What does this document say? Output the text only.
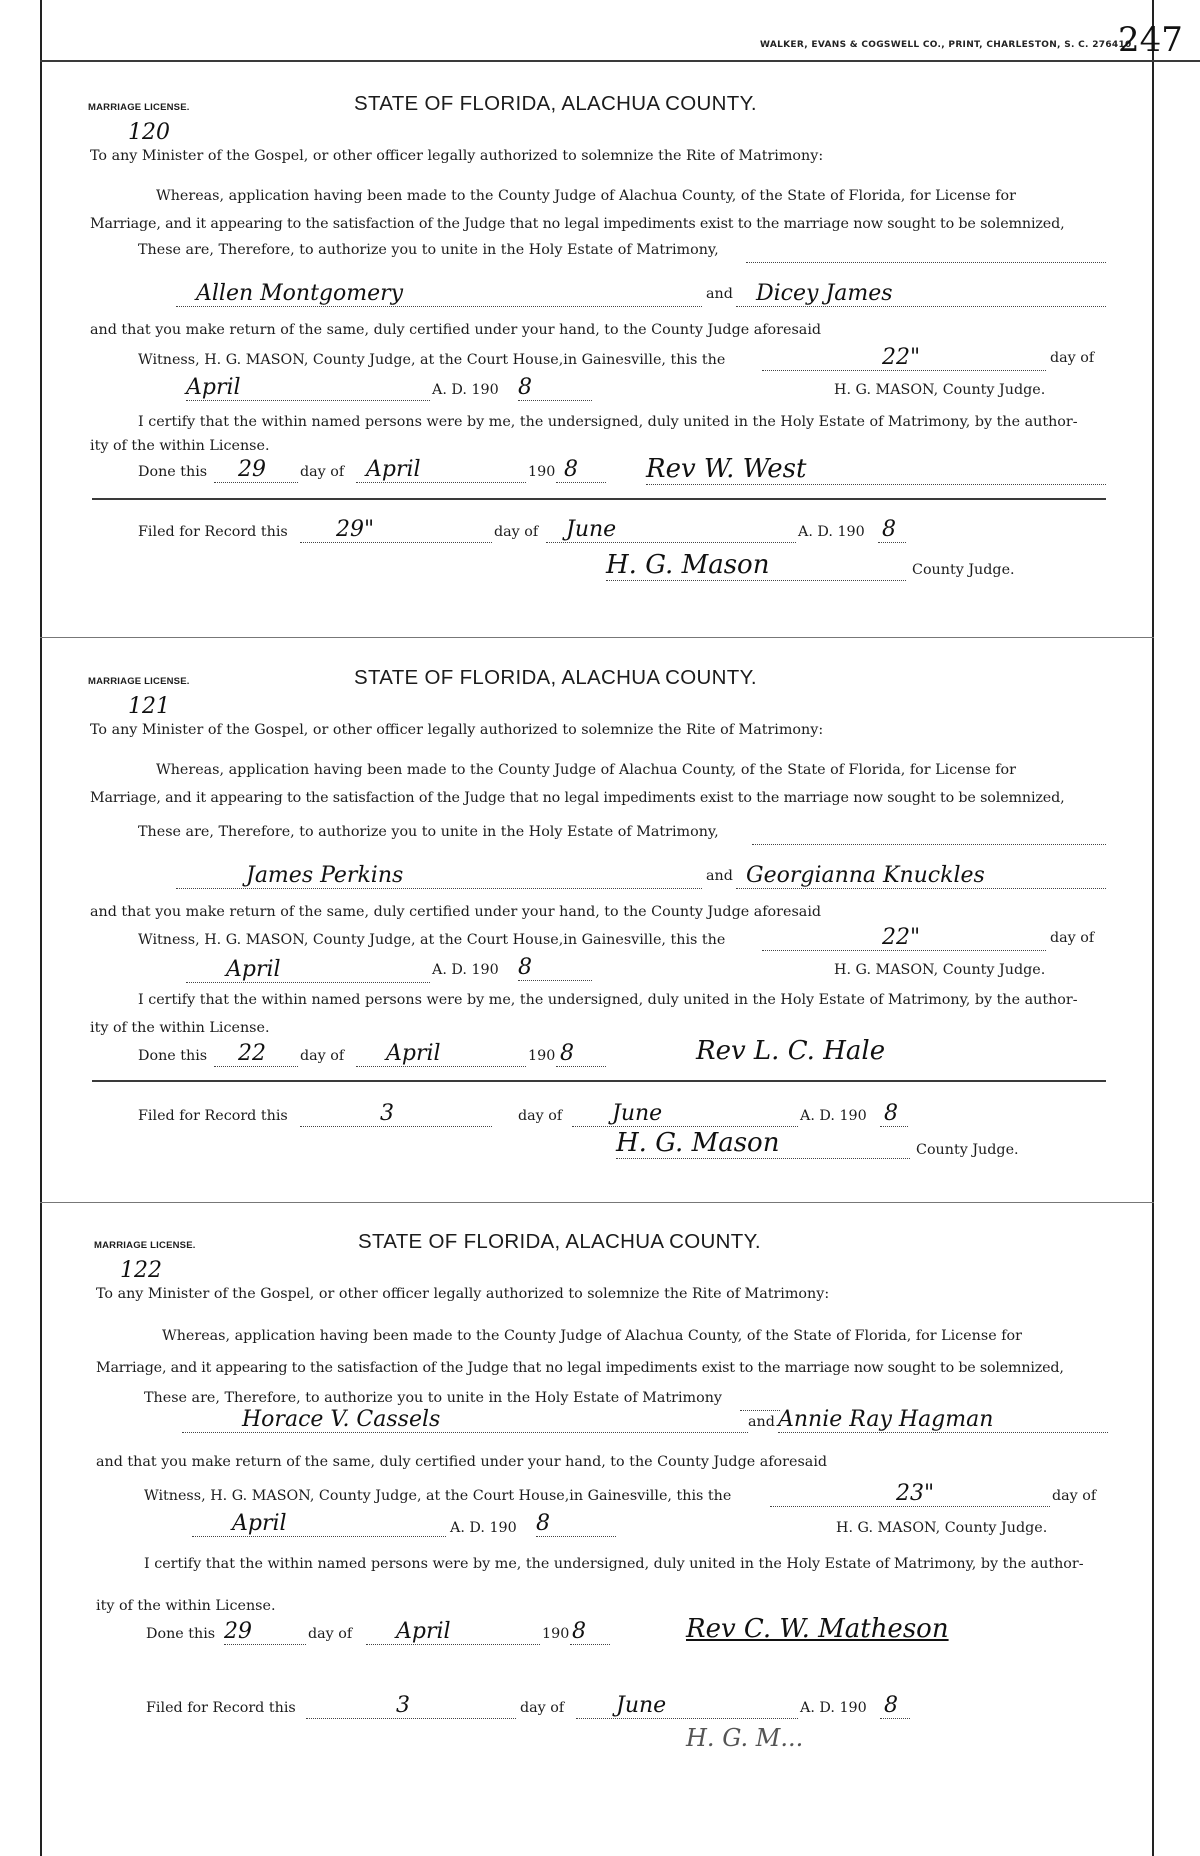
WALKER, EVANS & COGSWELL CO., PRINT, CHARLESTON, S. C. 276410
247
MARRIAGE LICENSE.	STATE OF FLORIDA, ALACHUA COUNTY.
120
To any Minister of the Gospel, or other officer legally authorized to solemnize the Rite of Matrimony:
Whereas, application having been made to the County Judge of Alachua County, of the State of Florida, for License for
Marriage, and it appearing to the satisfaction of the Judge that no legal impediments exist to the marriage now sought to be solemnized,
These are, Therefore, to authorize you to unite in the Holy Estate of Matrimony,
Allen Montgomery	and Dicey James
and that you make return of the same, duly certified under your hand, to the County Judge aforesaid
Witness, H. G. MASON, County Judge, at the Court House,in Gainesville, this the	22"	day of
April	A. D. 190 8	H. G. MASON, County Judge.
I certify that the within named persons were by me, the undersigned, duly united in the Holy Estate of Matrimony, by the author-
ity of the within License.
Done this 29 day of April	190 8	Rev W. West
Filed for Record this 29"	day of June	A. D. 190 8
H. G. Mason	County Judge.
MARRIAGE LICENSE.	STATE OF FLORIDA, ALACHUA COUNTY.
121
To any Minister of the Gospel, or other officer legally authorized to solemnize the Rite of Matrimony:
Whereas, application having been made to the County Judge of Alachua County, of the State of Florida, for License for
Marriage, and it appearing to the satisfaction of the Judge that no legal impediments exist to the marriage now sought to be solemnized,
These are, Therefore, to authorize you to unite in the Holy Estate of Matrimony,
James Perkins	and Georgianna Knuckles
and that you make return of the same, duly certified under your hand, to the County Judge aforesaid
Witness, H. G. MASON, County Judge, at the Court House,in Gainesville, this the	22"	day of
April	A. D. 190 8	H. G. MASON, County Judge.
I certify that the within named persons were by me, the undersigned, duly united in the Holy Estate of Matrimony, by the author-
ity of the within License.
Done this 22 day of April	190 8	Rev L. C. Hale
Filed for Record this	3	day of June	A. D. 190 8
H. G. Mason	County Judge.
MARRIAGE LICENSE.	STATE OF FLORIDA, ALACHUA COUNTY.
122
To any Minister of the Gospel, or other officer legally authorized to solemnize the Rite of Matrimony:
Whereas, application having been made to the County Judge of Alachua County, of the State of Florida, for License for
Marriage, and it appearing to the satisfaction of the Judge that no legal impediments exist to the marriage now sought to be solemnized,
These are, Therefore, to authorize you to unite in the Holy Estate of Matrimony
Horace V. Cassels	and Annie Ray Hagman
and that you make return of the same, duly certified under your hand, to the County Judge aforesaid
Witness, H. G. MASON, County Judge, at the Court House,in Gainesville, this the	23"	day of
April	A. D. 190 8	H. G. MASON, County Judge.
I certify that the within named persons were by me, the undersigned, duly united in the Holy Estate of Matrimony, by the author-
ity of the within License.
Done this 29	day of April	190 8	Rev C. W. Matheson
Filed for Record this	3	day of June	A. D. 190 8
H. G. M...
